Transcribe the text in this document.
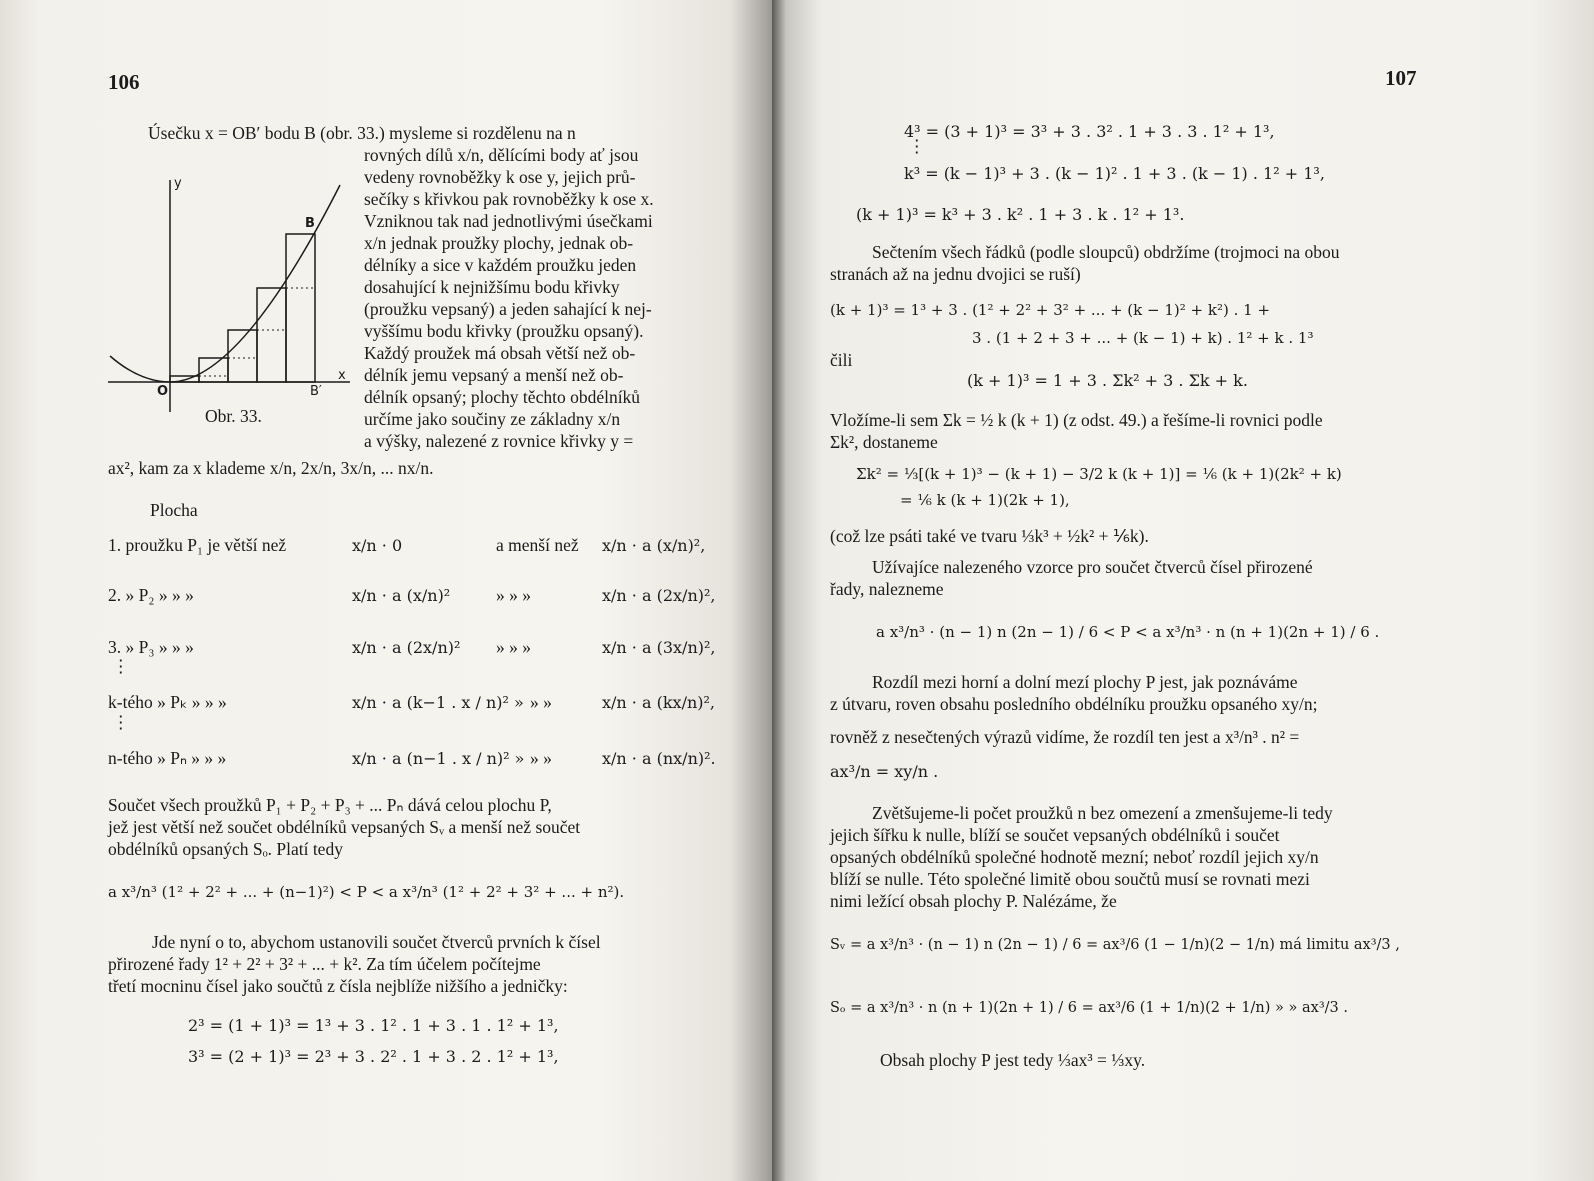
106
Úsečku x = OB′ bodu B (obr. 33.) mysleme si rozdělenu na n
rovných dílů x/n, dělícími body ať jsou
vedeny rovnoběžky k ose y, jejich prů-
sečíky s křivkou pak rovnoběžky k ose x.
Vzniknou tak nad jednotlivými úsečkami
x/n jednak proužky plochy, jednak ob-
délníky a sice v každém proužku jeden
dosahující k nejnižšímu bodu křivky
(proužku vepsaný) a jeden sahající k nej-
vyššímu bodu křivky (proužku opsaný).
Každý proužek má obsah větší než ob-
délník jemu vepsaný a menší než ob-
délník opsaný; plochy těchto obdélníků
určíme jako součiny ze základny x/n
a výšky, nalezené z rovnice křivky y =
ax², kam za x klademe x/n, 2x/n, 3x/n, ... nx/n.
y
x
O
B
B′
Obr. 33.
Plocha
1. proužku P₁ je větší než	x/n · 0	a menší než x/n · a (x/n)²,
2. » P₂ » » »	x/n · a (x/n)²	» » »	x/n · a (2x/n)²,
3. » P₃ » » »	x/n · a (2x/n)² » » »	x/n · a (3x/n)²,
⋮
k-tého » Pₖ » » »	x/n · a (k−1 . x / n)² » » »	x/n · a (kx/n)²,
⋮
n-tého » Pₙ » » »	x/n · a (n−1 . x / n)² » » »	x/n · a (nx/n)².
Součet všech proužků P₁ + P₂ + P₃ + ... Pₙ dává celou plochu P,
jež jest větší než součet obdélníků vepsaných Sᵥ a menší než součet
obdélníků opsaných Sₒ. Platí tedy
a x³/n³ (1² + 2² + ... + (n−1)²) < P < a x³/n³ (1² + 2² + 3² + ... + n²).
Jde nyní o to, abychom ustanovili součet čtverců prvních k čísel
přirozené řady 1² + 2² + 3² + ... + k². Za tím účelem počítejme
třetí mocninu čísel jako součtů z čísla nejblíže nižšího a jedničky:
2³ = (1 + 1)³ = 1³ + 3 . 1² . 1 + 3 . 1 . 1² + 1³,
3³ = (2 + 1)³ = 2³ + 3 . 2² . 1 + 3 . 2 . 1² + 1³,
107
4³ = (3 + 1)³ = 3³ + 3 . 3² . 1 + 3 . 3 . 1² + 1³,
⋮
k³ = (k − 1)³ + 3 . (k − 1)² . 1 + 3 . (k − 1) . 1² + 1³,
(k + 1)³ = k³ + 3 . k² . 1 + 3 . k . 1² + 1³.
Sečtením všech řádků (podle sloupců) obdržíme (trojmoci na obou
stranách až na jednu dvojici se ruší)
(k + 1)³ = 1³ + 3 . (1² + 2² + 3² + ... + (k − 1)² + k²) . 1 +
3 . (1 + 2 + 3 + ... + (k − 1) + k) . 1² + k . 1³
čili
(k + 1)³ = 1 + 3 . Σk² + 3 . Σk + k.
Vložíme-li sem Σk = ½ k (k + 1) (z odst. 49.) a řešíme-li rovnici podle
Σk², dostaneme
Σk² = ⅓[(k + 1)³ − (k + 1) − 3/2 k (k + 1)] = ⅙ (k + 1)(2k² + k)
= ⅙ k (k + 1)(2k + 1),
(což lze psáti také ve tvaru ⅓k³ + ½k² + ⅙k).
Užívajíce nalezeného vzorce pro součet čtverců čísel přirozené
řady, nalezneme
a x³/n³ · (n − 1) n (2n − 1) / 6 < P < a x³/n³ · n (n + 1)(2n + 1) / 6 .
Rozdíl mezi horní a dolní mezí plochy P jest, jak poznáváme
z útvaru, roven obsahu posledního obdélníku proužku opsaného xy/n;
rovněž z nesečtených výrazů vidíme, že rozdíl ten jest a x³/n³ . n² =
ax³/n = xy/n .
Zvětšujeme-li počet proužků n bez omezení a zmenšujeme-li tedy
jejich šířku k nulle, blíží se součet vepsaných obdélníků i součet
opsaných obdélníků společné hodnotě mezní; neboť rozdíl jejich xy/n
blíží se nulle. Této společné limitě obou součtů musí se rovnati mezi
nimi ležící obsah plochy P. Nalézáme, že
Sᵥ = a x³/n³ · (n − 1) n (2n − 1) / 6 = ax³/6 (1 − 1/n)(2 − 1/n) má limitu ax³/3 ,
Sₒ = a x³/n³ · n (n + 1)(2n + 1) / 6 = ax³/6 (1 + 1/n)(2 + 1/n) » » ax³/3 .
Obsah plochy P jest tedy ⅓ax³ = ⅓xy.
